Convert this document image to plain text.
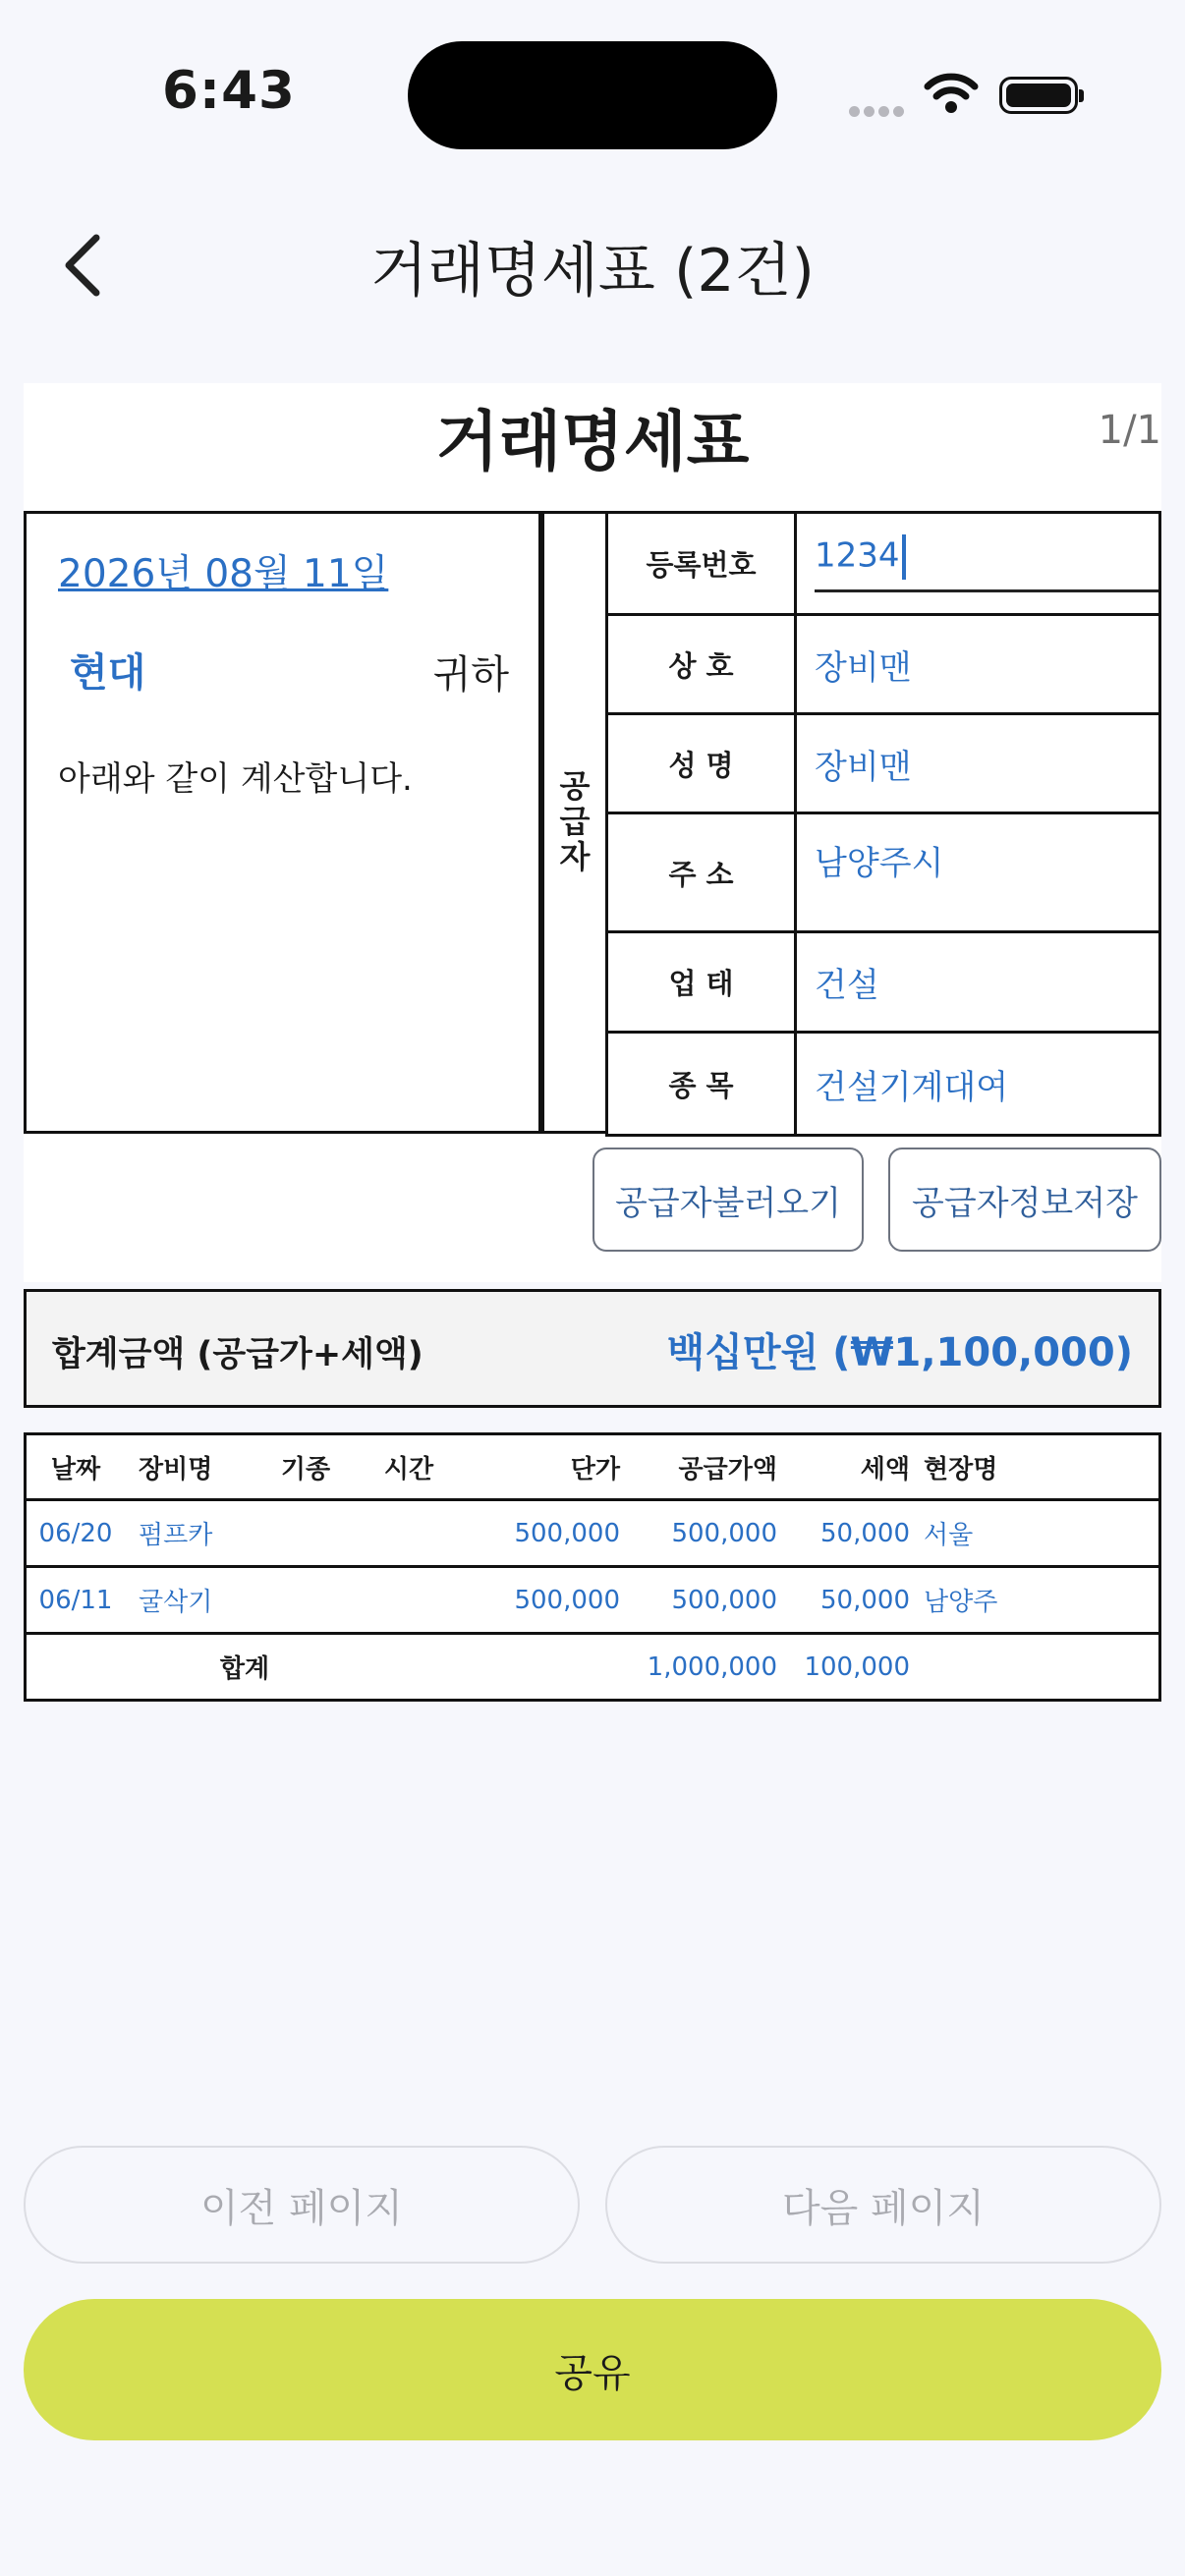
6:43
거래명세표 (2건)
거래명세표	1/1
2026년 08월 11일
현대	귀하
아래와 같이 계산합니다.	공
급
자
등록번호	1234
상 호	장비맨
성 명	장비맨
주 소	남양주시
업 태	건설
종 목	건설기계대여
공급자불러오기	공급자정보저장
합계금액 (공급가+세액)	백십만원 (₩1,100,000)
날짜	장비명	기종	시간	단가	공급가액	세액	현장명
06/20	펌프카			500,000	500,000	50,000	서울
06/11	굴삭기			500,000	500,000	50,000	남양주
합계					1,000,000	100,000	
이전 페이지	다음 페이지
공유
